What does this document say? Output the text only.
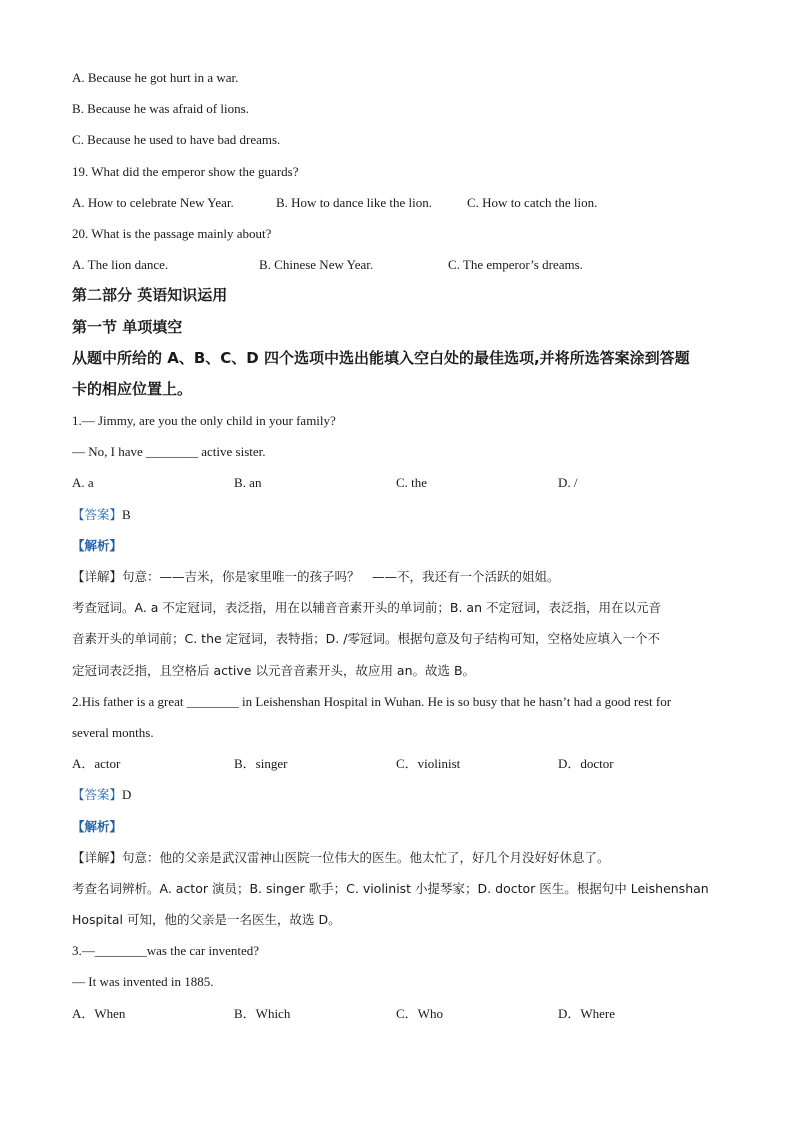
A. Because he got hurt in a war.
B. Because he was afraid of lions.
C. Because he used to have bad dreams.
19. What did the emperor show the guards?
A. How to celebrate New Year.	B. How to dance like the lion.	C. How to catch the lion.
20. What is the passage mainly about?
A. The lion dance.	B. Chinese New Year.	C. The emperor’s dreams.
第二部分 英语知识运用
第一节 单项填空
从题中所给的 A、B、C、D 四个选项中选出能填入空白处的最佳选项,并将所选答案涂到答题
卡的相应位置上。
1.— Jimmy, are you the only child in your family?
— No, I have ________ active sister.
A. a	B. an	C. the	D. /
【答案】B
【解析】
【详解】句意：——吉米，你是家里唯一的孩子吗？　——不，我还有一个活跃的姐姐。
考查冠词。A. a 不定冠词，表泛指，用在以辅音音素开头的单词前；B. an 不定冠词，表泛指，用在以元音
音素开头的单词前；C. the 定冠词，表特指；D. /零冠词。根据句意及句子结构可知，空格处应填入一个不
定冠词表泛指，且空格后 active 以元音音素开头，故应用 an。故选 B。
2.His father is a great ________ in Leishenshan Hospital in Wuhan. He is so busy that he hasn’t had a good rest for
several months.
A．actor	B．singer	C．violinist	D．doctor
【答案】D
【解析】
【详解】句意：他的父亲是武汉雷神山医院一位伟大的医生。他太忙了，好几个月没好好休息了。
考查名词辨析。A. actor 演员；B. singer 歌手；C. violinist 小提琴家；D. doctor 医生。根据句中 Leishenshan
Hospital 可知，他的父亲是一名医生，故选 D。
3.—________was the car invented?
— It was invented in 1885.
A．When	B．Which	C．Who	D．Where
